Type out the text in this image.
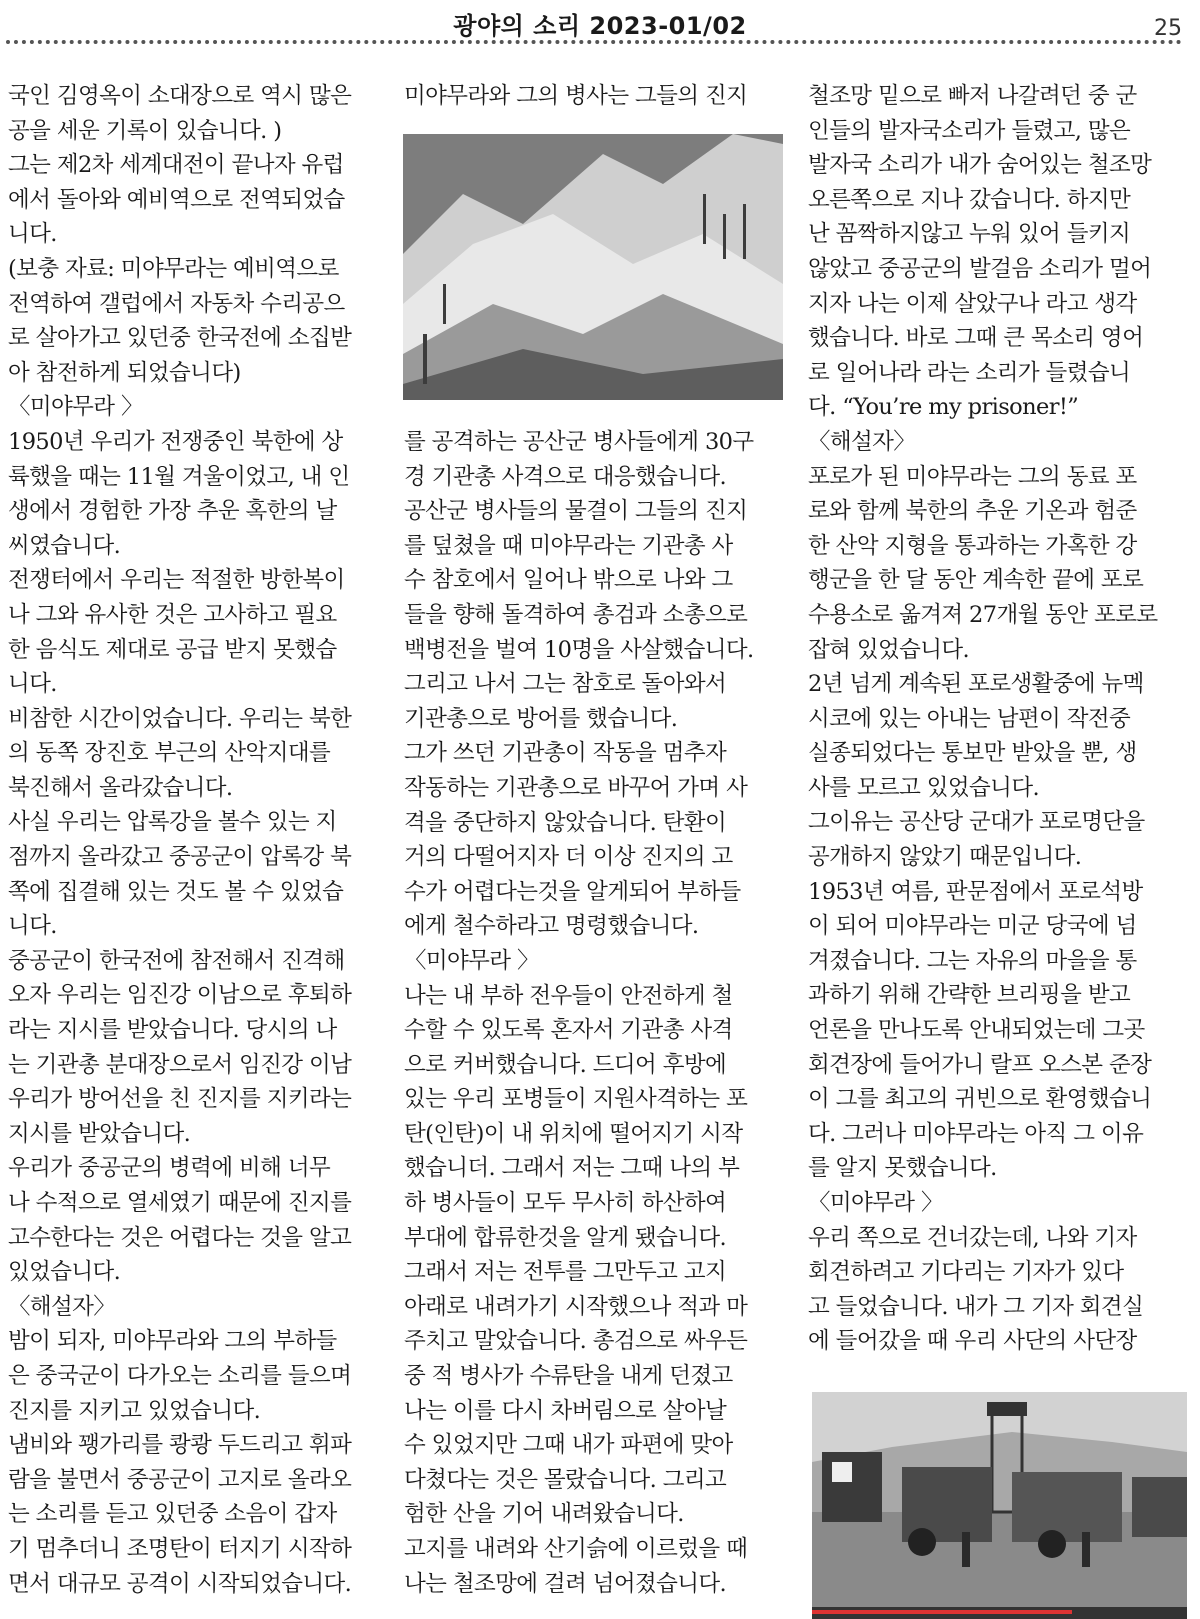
광야의 소리 2023-01/02	25

국인 김영옥이 소대장으로 역시 많은

공을 세운 기록이 있습니다. )

그는 제2차 세계대전이 끝나자 유럽

에서 돌아와 예비역으로 전역되었습

니다.

(보충 자료: 미야무라는 예비역으로

전역하여 갤럽에서 자동차 수리공으

로 살아가고 있던중 한국전에 소집받

아 참전하게 되었습니다)

〈미야무라 〉

1950년 우리가 전쟁중인 북한에 상

륙했을 때는 11월 겨울이었고, 내 인

생에서 경험한 가장 추운 혹한의 날

씨였습니다.

전쟁터에서 우리는 적절한 방한복이

나 그와 유사한 것은 고사하고 필요

한 음식도 제대로 공급 받지 못했습

니다.

비참한 시간이었습니다. 우리는 북한

의 동쪽 장진호 부근의 산악지대를

북진해서 올라갔습니다.

사실 우리는 압록강을 볼수 있는 지

점까지 올라갔고 중공군이 압록강 북

쪽에 집결해 있는 것도 볼 수 있었습

니다.

중공군이 한국전에 참전해서 진격해

오자 우리는 임진강 이남으로 후퇴하

라는 지시를 받았습니다. 당시의 나

는 기관총 분대장으로서 임진강 이남

우리가 방어선을 친 진지를 지키라는

지시를 받았습니다.

우리가 중공군의 병력에 비해 너무

나 수적으로 열세였기 때문에 진지를

고수한다는 것은 어렵다는 것을 알고

있었습니다.

〈해설자〉

밤이 되자, 미야무라와 그의 부하들

은 중국군이 다가오는 소리를 들으며

진지를 지키고 있었습니다.

냄비와 꽹가리를 쾅쾅 두드리고 휘파

람을 불면서 중공군이 고지로 올라오

는 소리를 듣고 있던중 소음이 갑자

기 멈추더니 조명탄이 터지기 시작하

면서 대규모 공격이 시작되었습니다.

미야무라와 그의 병사는 그들의 진지

를 공격하는 공산군 병사들에게 30구

경 기관총 사격으로 대응했습니다.

공산군 병사들의 물결이 그들의 진지

를 덮쳤을 때 미야무라는 기관총 사

수 참호에서 일어나 밖으로 나와 그

들을 향해 돌격하여 총검과 소총으로

백병전을 벌여 10명을 사살했습니다.

그리고 나서 그는 참호로 돌아와서

기관총으로 방어를 했습니다.

그가 쓰던 기관총이 작동을 멈추자

작동하는 기관총으로 바꾸어 가며 사

격을 중단하지 않았습니다. 탄환이

거의 다떨어지자 더 이상 진지의 고

수가 어렵다는것을 알게되어 부하들

에게 철수하라고 명령했습니다.

〈미야무라 〉

나는 내 부하 전우들이 안전하게 철

수할 수 있도록 혼자서 기관총 사격

으로 커버했습니다. 드디어 후방에

있는 우리 포병들이 지원사격하는 포

탄(인탄)이 내 위치에 떨어지기 시작

했습니더. 그래서 저는 그때 나의 부

하 병사들이 모두 무사히 하산하여

부대에 합류한것을 알게 됐습니다.

그래서 저는 전투를 그만두고 고지

아래로 내려가기 시작했으나 적과 마

주치고 말았습니다. 총검으로 싸우든

중 적 병사가 수류탄을 내게 던졌고

나는 이를 다시 차버림으로 살아날

수 있었지만 그때 내가 파편에 맞아

다쳤다는 것은 몰랐습니다. 그리고

험한 산을 기어 내려왔습니다.

고지를 내려와 산기슭에 이르렀을 때

나는 철조망에 걸려 넘어졌습니다.

철조망 밑으로 빠저 나갈려던 중 군

인들의 발자국소리가 들렸고, 많은

발자국 소리가 내가 숨어있는 철조망

오른쪽으로 지나 갔습니다. 하지만

난 꼼짝하지않고 누워 있어 들키지

않았고 중공군의 발걸음 소리가 멀어

지자 나는 이제 살았구나 라고 생각

했습니다. 바로 그때 큰 목소리 영어

로 일어나라 라는 소리가 들렸습니

다. “You’re my prisoner!”

〈해설자〉

포로가 된 미야무라는 그의 동료 포

로와 함께 북한의 추운 기온과 험준

한 산악 지형을 통과하는 가혹한 강

행군을 한 달 동안 계속한 끝에 포로

수용소로 옮겨져 27개월 동안 포로로

잡혀 있었습니다.

2년 넘게 계속된 포로생활중에 뉴멕

시코에 있는 아내는 남편이 작전중

실종되었다는 통보만 받았을 뿐, 생

사를 모르고 있었습니다.

그이유는 공산당 군대가 포로명단을

공개하지 않았기 때문입니다.

1953년 여름, 판문점에서 포로석방

이 되어 미야무라는 미군 당국에 넘

겨졌습니다. 그는 자유의 마을을 통

과하기 위해 간략한 브리핑을 받고

언론을 만나도록 안내되었는데 그곳

회견장에 들어가니 랄프 오스본 준장

이 그를 최고의 귀빈으로 환영했습니

다. 그러나 미야무라는 아직 그 이유

를 알지 못했습니다.

〈미야무라 〉

우리 쪽으로 건너갔는데, 나와 기자

회견하려고 기다리는 기자가 있다

고 들었습니다. 내가 그 기자 회견실

에 들어갔을 때 우리 사단의 사단장
